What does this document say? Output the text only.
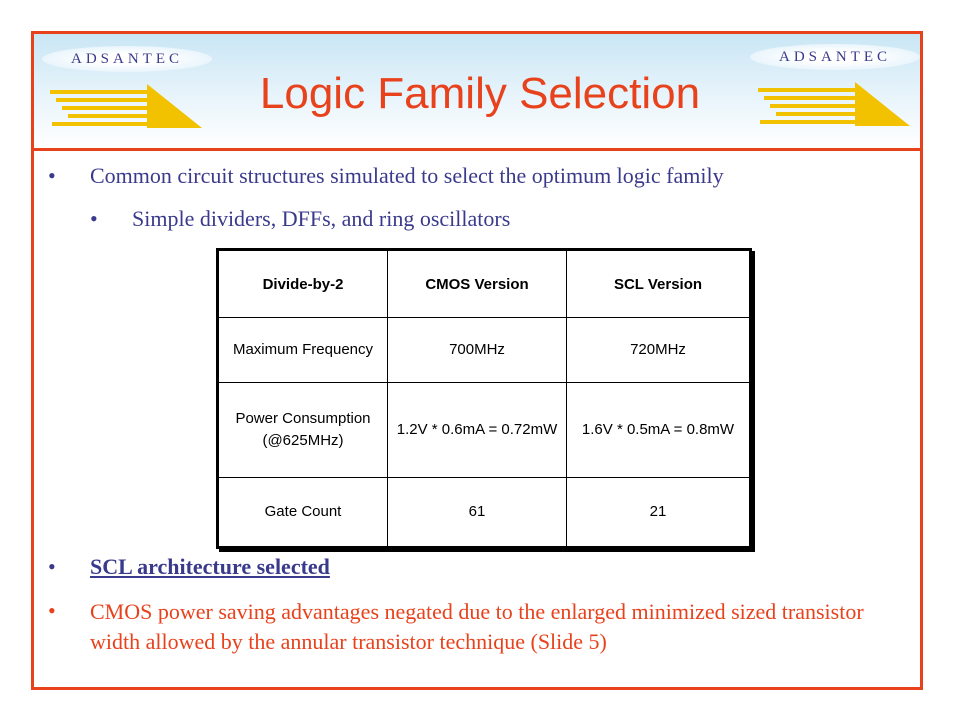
ADSANTEC	ADSANTEC
Logic Family Selection
• Common circuit structures simulated to select the optimum logic family
• Simple dividers, DFFs, and ring oscillators
Divide-by-2	CMOS Version	SCL Version
Maximum Frequency	700MHz	720MHz
Power Consumption (@625MHz)	1.2V * 0.6mA = 0.72mW	1.6V * 0.5mA = 0.8mW
Gate Count	61	21
• SCL architecture selected
• CMOS power saving advantages negated due to the enlarged minimized sized transistor width allowed by the annular transistor technique (Slide 5)
